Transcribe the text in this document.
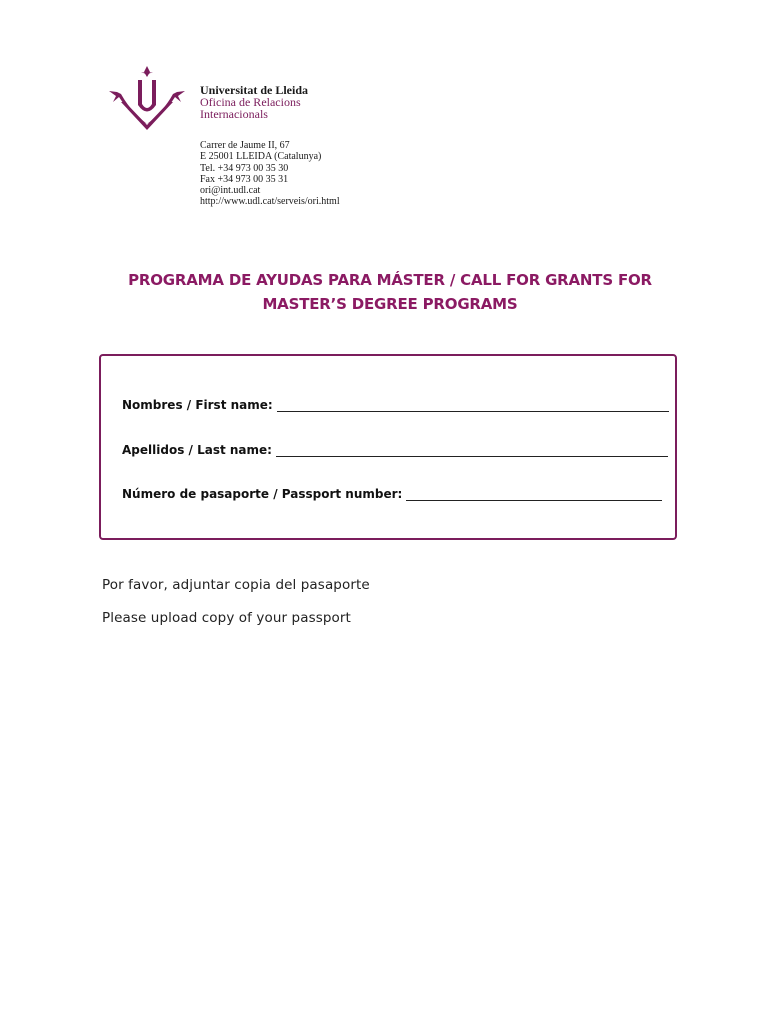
Universitat de Lleida
Oficina de Relacions
Internacionals
Carrer de Jaume II, 67
E 25001 LLEIDA (Catalunya)
Tel. +34 973 00 35 30
Fax +34 973 00 35 31
ori@int.udl.cat
http://www.udl.cat/serveis/ori.html
PROGRAMA DE AYUDAS PARA MÁSTER / CALL FOR GRANTS FOR
MASTER’S DEGREE PROGRAMS
Nombres / First name:
Apellidos / Last name:
Número de pasaporte / Passport number:
Por favor, adjuntar copia del pasaporte
Please upload copy of your passport
